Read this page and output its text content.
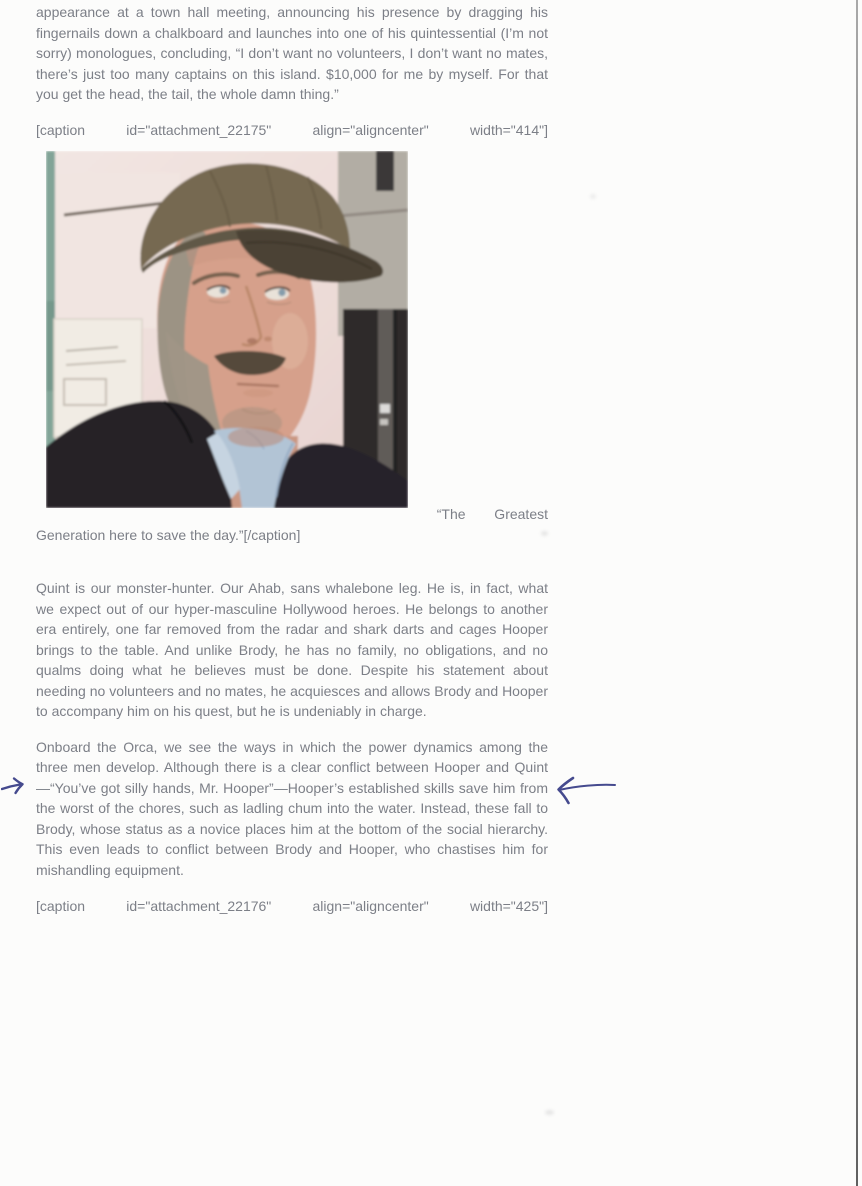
appearance at a town hall meeting, announcing his presence by dragging his fingernails down a chalkboard and launches into one of his quintessential (I’m not sorry) monologues, concluding, “I don’t want no volunteers, I don’t want no mates, there’s just too many captains on this island. $10,000 for me by myself. For that you get the head, the tail, the whole damn thing.”

[caption	id="attachment_22175"	align="aligncenter"	width="414"]

“The Greatest Generation here to save the day.”[/caption]

Quint is our monster-hunter. Our Ahab, sans whalebone leg. He is, in fact, what we expect out of our hyper-masculine Hollywood heroes. He belongs to another era entirely, one far removed from the radar and shark darts and cages Hooper brings to the table. And unlike Brody, he has no family, no obligations, and no qualms doing what he believes must be done. Despite his statement about needing no volunteers and no mates, he acquiesces and allows Brody and Hooper to accompany him on his quest, but he is undeniably in charge.

Onboard the Orca, we see the ways in which the power dynamics among the three men develop. Although there is a clear conflict between Hooper and Quint—“You’ve got silly hands, Mr. Hooper”—Hooper’s established skills save him from the worst of the chores, such as ladling chum into the water. Instead, these fall to Brody, whose status as a novice places him at the bottom of the social hierarchy. This even leads to conflict between Brody and Hooper, who chastises him for mishandling equipment.

[caption	id="attachment_22176"	align="aligncenter"	width="425"]
